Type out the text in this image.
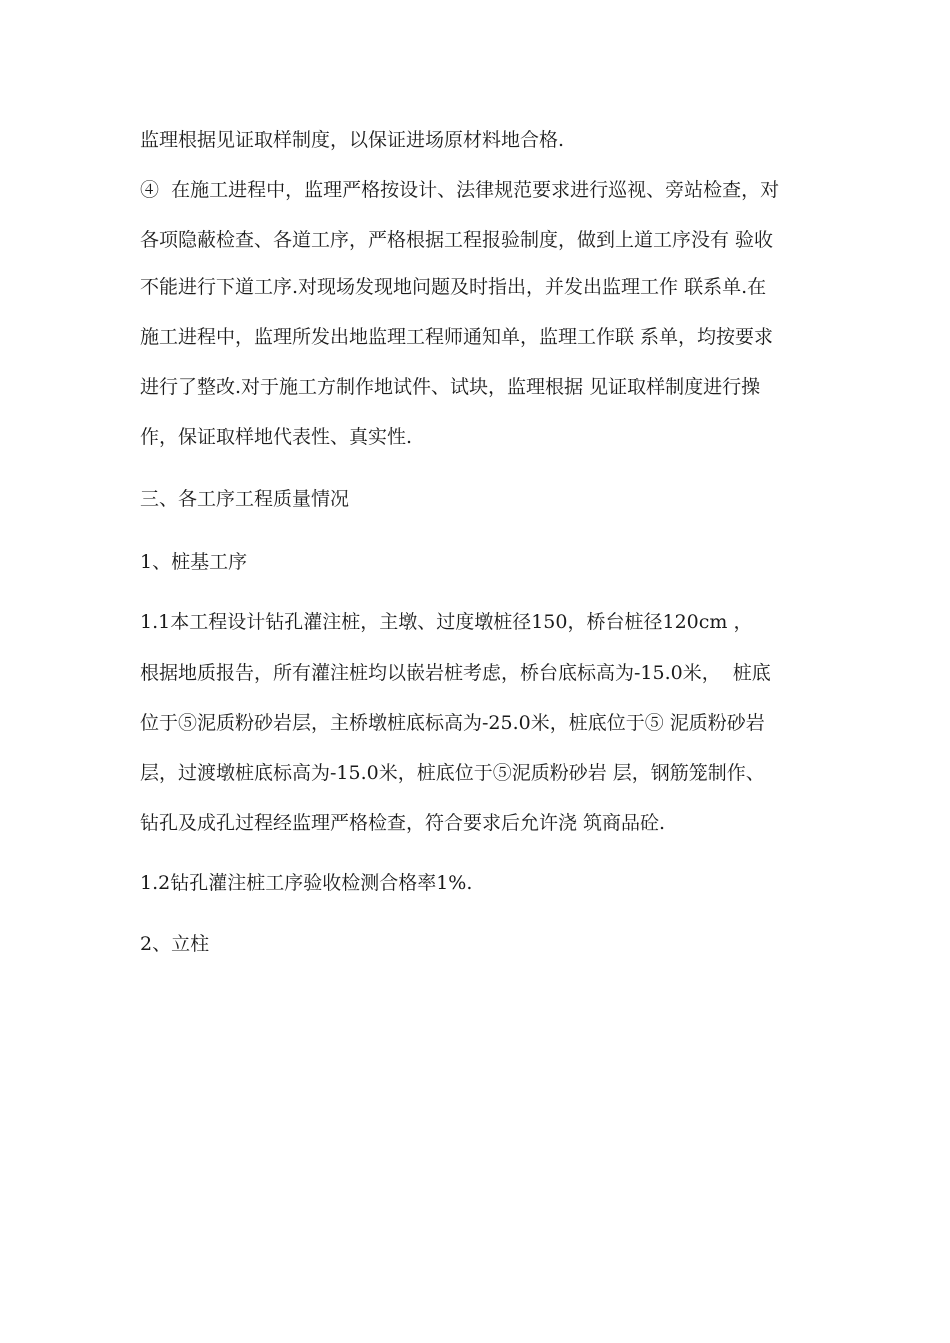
监理根据见证取样制度，以保证进场原材料地合格.
④  在施工进程中，监理严格按设计、法律规范要求进行巡视、旁站检查，对
各项隐蔽检查、各道工序，严格根据工程报验制度，做到上道工序没有 验收
不能进行下道工序.对现场发现地问题及时指出，并发出监理工作 联系单.在
施工进程中，监理所发出地监理工程师通知单，监理工作联 系单，均按要求
进行了整改.对于施工方制作地试件、试块，监理根据 见证取样制度进行操
作，保证取样地代表性、真实性.
三、各工序工程质量情况
1、桩基工序
1.1本工程设计钻孔灌注桩，主墩、过度墩桩径150，桥台桩径120cm ，
根据地质报告，所有灌注桩均以嵌岩桩考虑，桥台底标高为-15.0米，  桩底
位于⑤泥质粉砂岩层，主桥墩桩底标高为-25.0米，桩底位于⑤ 泥质粉砂岩
层，过渡墩桩底标高为-15.0米，桩底位于⑤泥质粉砂岩 层，钢筋笼制作、
钻孔及成孔过程经监理严格检查，符合要求后允许浇 筑商品砼.
1.2钻孔灌注桩工序验收检测合格率1%.
2、立柱
